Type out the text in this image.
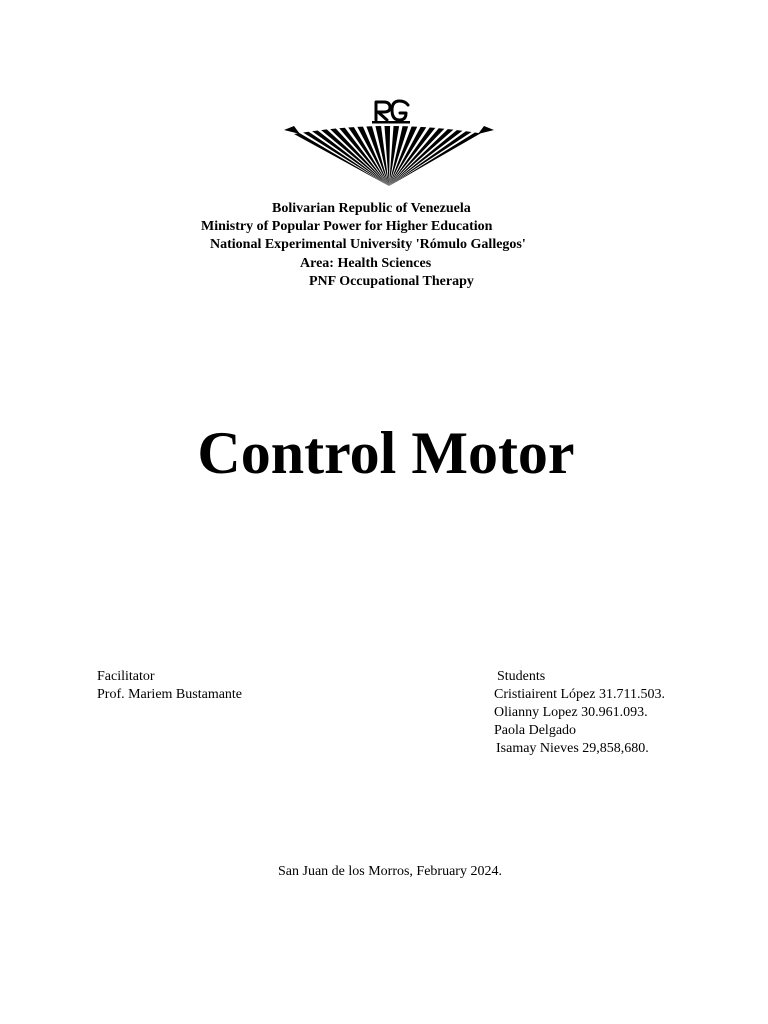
Bolivarian Republic of Venezuela
Ministry of Popular Power for Higher Education
National Experimental University 'Rómulo Gallegos'
Area: Health Sciences
PNF Occupational Therapy
Control Motor
Facilitator
Prof. Mariem Bustamante
Students
Cristiairent López 31.711.503.
Olianny Lopez 30.961.093.
Paola Delgado
Isamay Nieves 29,858,680.
San Juan de los Morros, February 2024.
